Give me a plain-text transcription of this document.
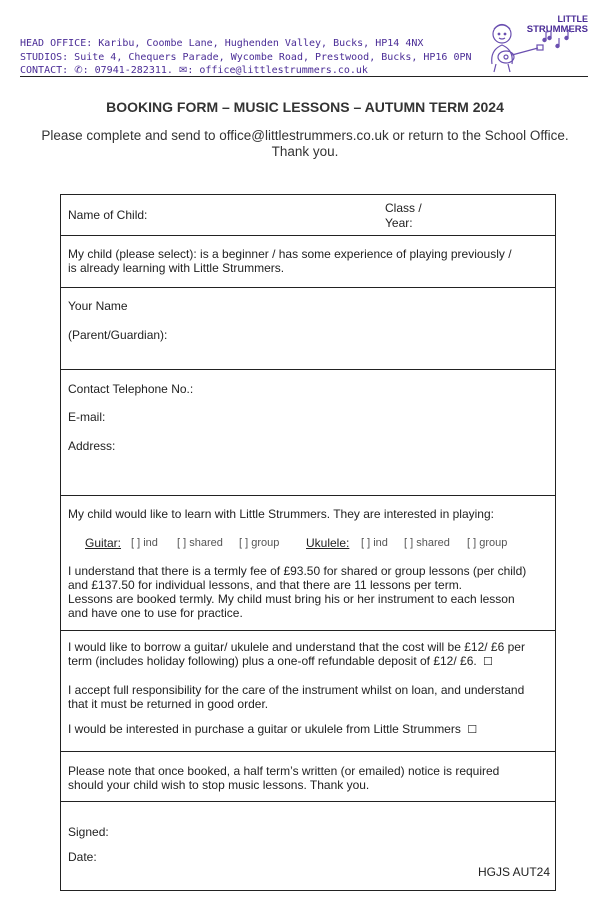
HEAD OFFICE: Karibu, Coombe Lane, Hughenden Valley, Bucks, HP14 4NX
STUDIOS: Suite 4, Chequers Parade, Wycombe Road, Prestwood, Bucks, HP16 0PN
CONTACT: ✆: 07941-282311. ✉: office@littlestrummers.co.uk
LITTLE
STRUMMERS
BOOKING FORM – MUSIC LESSONS – AUTUMN TERM 2024
Please complete and send to office@littlestrummers.co.uk or return to the School Office.
Thank you.
Name of Child:	Class /
Year:
My child (please select): is a beginner / has some experience of playing previously /
is already learning with Little Strummers.
Your Name
(Parent/Guardian):
Contact Telephone No.:
E-mail:
Address:
My child would like to learn with Little Strummers. They are interested in playing:
Guitar: [ ] ind [ ] shared [ ] group Ukulele: [ ] ind [ ] shared [ ] group
I understand that there is a termly fee of £93.50 for shared or group lessons (per child)
and £137.50 for individual lessons, and that there are 11 lessons per term.
Lessons are booked termly. My child must bring his or her instrument to each lesson
and have one to use for practice.
I would like to borrow a guitar/ ukulele and understand that the cost will be £12/ £6 per
term (includes holiday following) plus a one-off refundable deposit of £12/ £6. ☐
I accept full responsibility for the care of the instrument whilst on loan, and understand
that it must be returned in good order.
I would be interested in purchase a guitar or ukulele from Little Strummers ☐
Please note that once booked, a half term’s written (or emailed) notice is required
should your child wish to stop music lessons. Thank you.
Signed:
Date:
HGJS AUT24
